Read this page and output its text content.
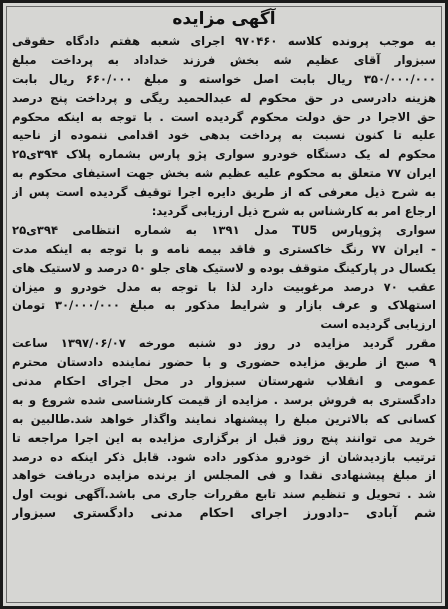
آگهی مزایده
به موجب پرونده کلاسه ۹۷۰۴۶۰ اجرای شعبه هفتم دادگاه حقوقی
سبزوار آقای عظیم شه بخش فرزند خداداد به پرداخت مبلغ
۳۵۰/۰۰۰/۰۰۰ ریال بابت اصل خواسته و مبلغ ۶۶۰/۰۰۰ ریال بابت
هزینه دادرسی در حق محکوم له عبدالحمید ریگی و پرداخت پنج درصد
حق الاجرا در حق دولت محکوم گردیده است . با توجه به اینکه محکوم
علیه تا کنون نسبت به پرداخت بدهی خود اقدامی ننموده از ناحیه
محکوم له یک دستگاه خودرو سواری پژو پارس بشماره پلاک ۳۹۴ی۲۵
ایران ۷۷ متعلق به محکوم علیه عظیم شه بخش جهت استیفای محکوم به
به شرح ذیل معرفی که از طریق دایره اجرا توقیف گردیده است پس از
ارجاع امر به کارشناس به شرح ذیل ارزیابی گردید:
سواری پژوپارس TU5 مدل ۱۳۹۱ به شماره انتظامی ۳۹۴ی۲۵
- ایران ۷۷ رنگ خاکستری و فاقد بیمه نامه و با توجه به اینکه مدت
یکسال در پارکینگ متوقف بوده و لاستیک های جلو ۵۰ درصد و لاستیک های
عقب ۷۰ درصد مرغوبیت دارد لذا با توجه به مدل خودرو و میزان
استهلاک و عرف بازار و شرایط مذکور به مبلغ ۳۰/۰۰۰/۰۰۰ تومان
ارزیابی گردیده است
مقرر گردید مزایده در روز دو شنبه مورخه ۱۳۹۷/۰۶/۰۷ ساعت
۹ صبح از طریق مزایده حضوری و با حضور نماینده دادستان محترم
عمومی و انقلاب شهرستان سبزوار در محل اجرای احکام مدنی
دادگستری به فروش برسد . مزایده از قیمت کارشناسی شده شروع و به
کسانی که بالاترین مبلغ را پیشنهاد نمایند واگذار خواهد شد.طالبین به
خرید می توانند پنج روز قبل از برگزاری مزایده به این اجرا مراجعه تا
ترتیب بازدیدشان از خودرو مذکور داده شود. قابل ذکر اینکه ده درصد
از مبلغ پیشنهادی نقدا و فی المجلس از برنده مزایده دریافت خواهد
شد . تحویل و تنظیم سند تابع مقررات جاری می باشد.آگهی نوبت اول
شم آبادی –دادورز اجرای احکام مدنی دادگستری سبزوار
